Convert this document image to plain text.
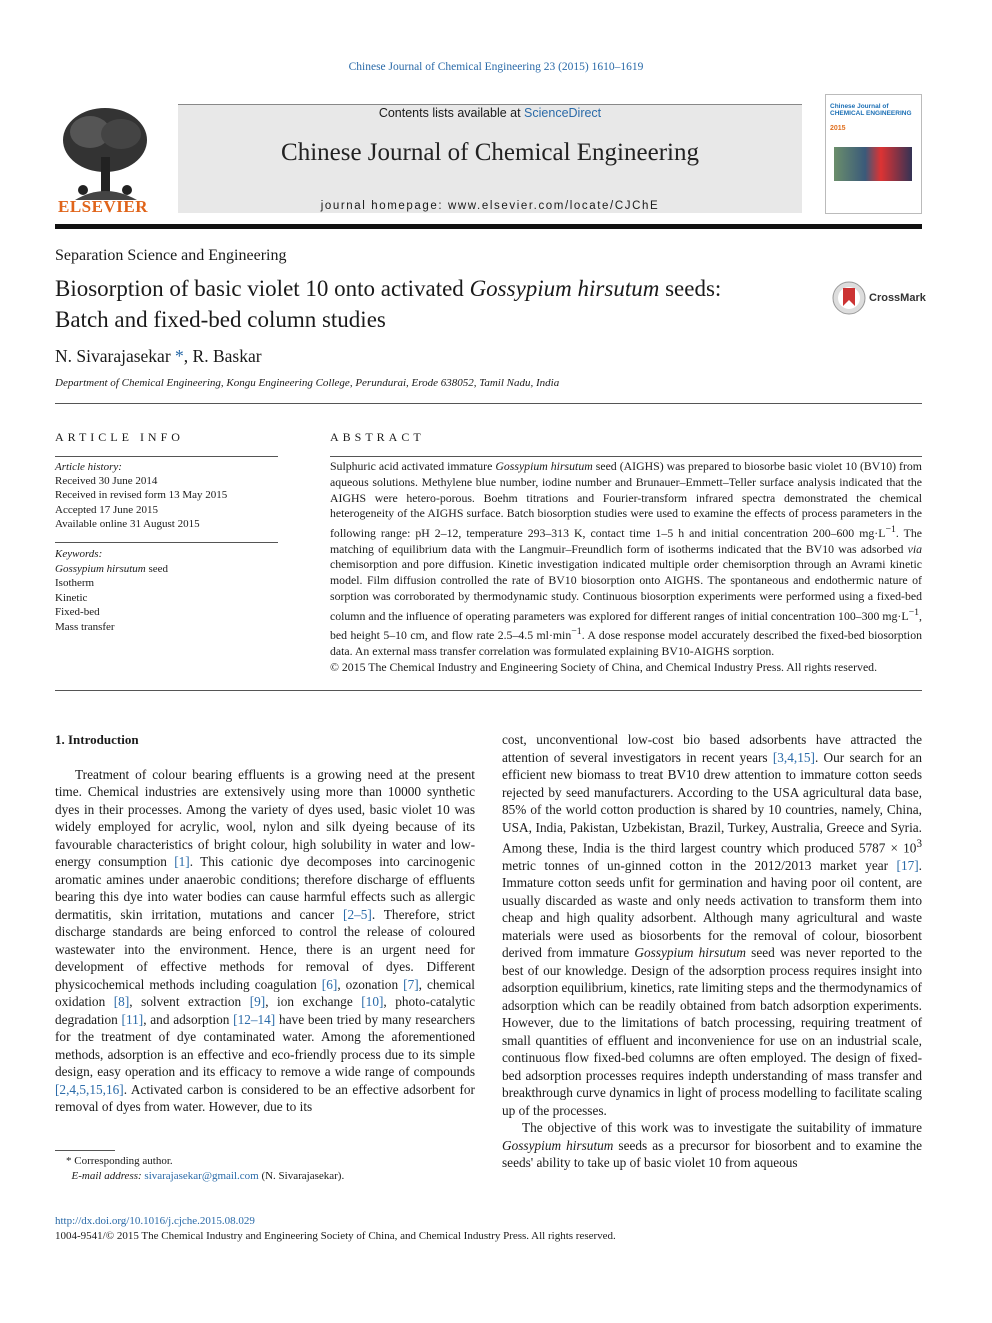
Chinese Journal of Chemical Engineering 23 (2015) 1610–1619
ELSEVIER
Contents lists available at ScienceDirect
Chinese Journal of Chemical Engineering
journal homepage: www.elsevier.com/locate/CJChE
Chinese Journal of CHEMICAL ENGINEERING
2015
Separation Science and Engineering
Biosorption of basic violet 10 onto activated Gossypium hirsutum seeds:
Batch and fixed-bed column studies
CrossMark
N. Sivarajasekar *, R. Baskar
Department of Chemical Engineering, Kongu Engineering College, Perundurai, Erode 638052, Tamil Nadu, India
ARTICLE INFO	ABSTRACT
Article history:
Received 30 June 2014
Received in revised form 13 May 2015
Accepted 17 June 2015
Available online 31 August 2015
Keywords:
Gossypium hirsutum seed
Isotherm
Kinetic
Fixed-bed
Mass transfer

Sulphuric acid activated immature Gossypium hirsutum seed (AIGHS) was prepared to biosorbe basic violet 10 (BV10) from aqueous solutions. Methylene blue number, iodine number and Brunauer–Emmett–Teller surface analysis indicated that the AIGHS were hetero-porous. Boehm titrations and Fourier-transform infrared spectra demonstrated the chemical heterogeneity of the AIGHS surface. Batch biosorption studies were used to examine the effects of process parameters in the following range: pH 2–12, temperature 293–313 K, contact time 1–5 h and initial concentration 200–600 $mg\cdot L^{-1}$. The matching of equilibrium data with the Langmuir–Freundlich form of isotherms indicated that the BV10 was adsorbed via chemisorption and pore diffusion. Kinetic investigation indicated multiple order chemisorption through an Avrami kinetic model. Film diffusion controlled the rate of BV10 biosorption onto AIGHS. The spontaneous and endothermic nature of sorption was corroborated by thermodynamic study. Continuous biosorption experiments were performed using a fixed-bed column and the influence of operating parameters was explored for different ranges of initial concentration 100–300 $mg\cdot L^{-1}$, bed height 5–10 cm, and flow rate 2.5–4.5 $ml\cdot\min^{-1}$. A dose response model accurately described the fixed-bed biosorption data. An external mass transfer correlation was formulated explaining BV10-AIGHS sorption.

© 2015 The Chemical Industry and Engineering Society of China, and Chemical Industry Press. All rights reserved.

1. Introduction

Treatment of colour bearing effluents is a growing need at the present time. Chemical industries are extensively using more than 10000 synthetic dyes in their processes. Among the variety of dyes used, basic violet 10 was widely employed for acrylic, wool, nylon and silk dyeing because of its favourable characteristics of bright colour, high solubility in water and low-energy consumption [1]. This cationic dye decomposes into carcinogenic aromatic amines under anaerobic conditions; therefore discharge of effluents bearing this dye into water bodies can cause harmful effects such as allergic dermatitis, skin irritation, mutations and cancer [2–5]. Therefore, strict discharge standards are being enforced to control the release of coloured wastewater into the environment. Hence, there is an urgent need for development of effective methods for removal of dyes. Different physicochemical methods including coagulation [6], ozonation [7], chemical oxidation [8], solvent extraction [9], ion exchange [10], photo-catalytic degradation [11], and adsorption [12–14] have been tried by many researchers for the treatment of dye contaminated water. Among the aforementioned methods, adsorption is an effective and eco-friendly process due to its simple design, easy operation and its efficacy to remove a wide range of compounds [2,4,5,15,16]. Activated carbon is considered to be an effective adsorbent for removal of dyes from water. However, due to its

cost, unconventional low-cost bio based adsorbents have attracted the attention of several investigators in recent years [3,4,15]. Our search for an efficient new biomass to treat BV10 drew attention to immature cotton seeds rejected by seed manufacturers. According to the USA agricultural data base, 85% of the world cotton production is shared by 10 countries, namely, China, USA, India, Pakistan, Uzbekistan, Brazil, Turkey, Australia, Greece and Syria. Among these, India is the third largest country which produced $5787 \times 10^3$ metric tonnes of un-ginned cotton in the 2012/2013 market year [17]. Immature cotton seeds unfit for germination and having poor oil content, are usually discarded as waste and only needs activation to transform them into cheap and high quality adsorbent. Although many agricultural and waste materials were used as biosorbents for the removal of colour, biosorbent derived from immature Gossypium hirsutum seed was never reported to the best of our knowledge. Design of the adsorption process requires insight into adsorption equilibrium, kinetics, rate limiting steps and the thermodynamics of adsorption which can be readily obtained from batch adsorption experiments. However, due to the limitations of batch processing, requiring treatment of small quantities of effluent and inconvenience for use on an industrial scale, continuous flow fixed-bed columns are often employed. The design of fixed-bed adsorption processes requires indepth understanding of mass transfer and breakthrough curve dynamics in light of process modelling to facilitate scaling up of the processes.

The objective of this work was to investigate the suitability of immature Gossypium hirsutum seeds as a precursor for biosorbent and to examine the seeds' ability to take up of basic violet 10 from aqueous

* Corresponding author.
E-mail address: sivarajasekar@gmail.com (N. Sivarajasekar).
http://dx.doi.org/10.1016/j.cjche.2015.08.029
1004-9541/© 2015 The Chemical Industry and Engineering Society of China, and Chemical Industry Press. All rights reserved.
